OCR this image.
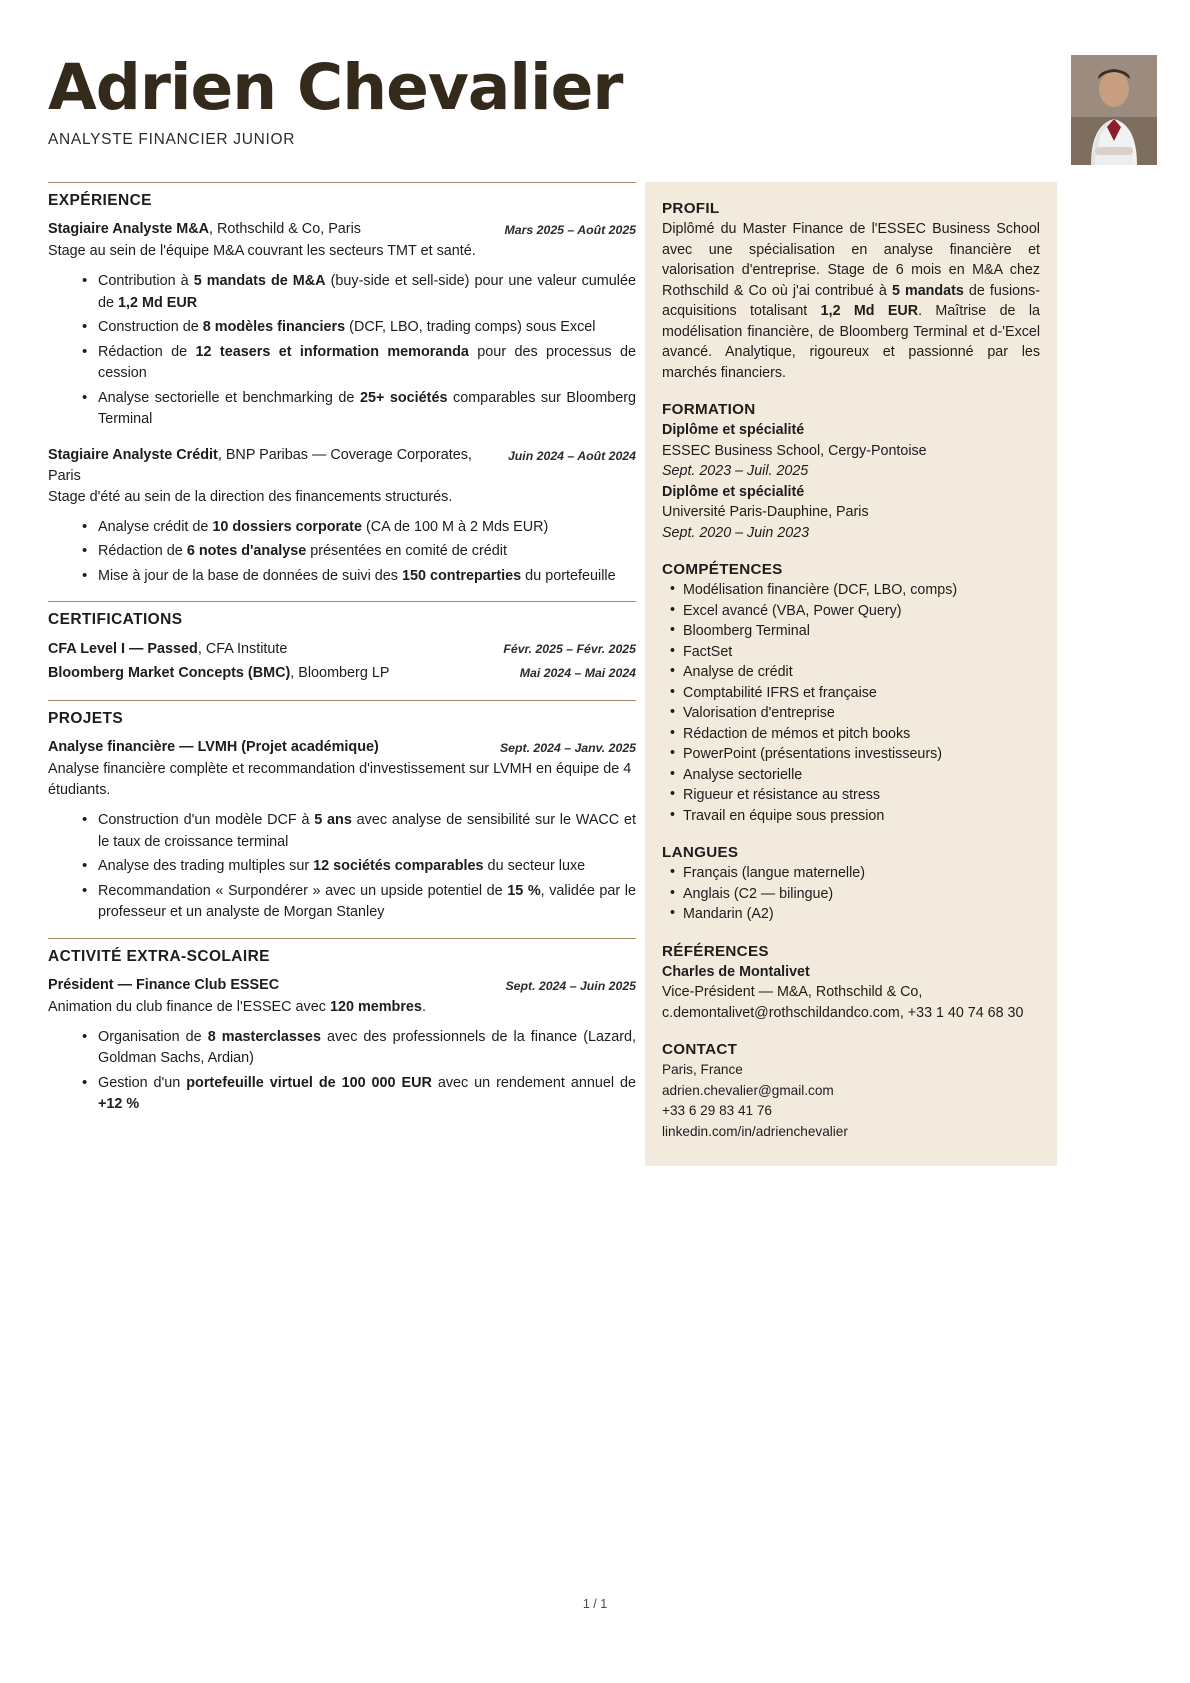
Adrien Chevalier
ANALYSTE FINANCIER JUNIOR
EXPÉRIENCE
Stagiaire Analyste M&A, Rothschild & Co, Paris	Mars 2025 – Août 2025
Stage au sein de l'équipe M&A couvrant les secteurs TMT et santé.
• Contribution à 5 mandats de M&A (buy-side et sell-side) pour une valeur cumulée de 1,2 Md EUR
• Construction de 8 modèles financiers (DCF, LBO, trading comps) sous Excel
• Rédaction de 12 teasers et information memoranda pour des processus de cession
• Analyse sectorielle et benchmarking de 25+ sociétés comparables sur Bloomberg Terminal
Stagiaire Analyste Crédit, BNP Paribas — Coverage Corporates, Paris
Juin 2024 – Août 2024
Stage d'été au sein de la direction des financements structurés.
• Analyse crédit de 10 dossiers corporate (CA de 100 M à 2 Mds EUR)
• Rédaction de 6 notes d'analyse présentées en comité de crédit
• Mise à jour de la base de données de suivi des 150 contreparties du portefeuille
CERTIFICATIONS
CFA Level I — Passed, CFA Institute	Févr. 2025 – Févr. 2025
Bloomberg Market Concepts (BMC), Bloomberg LP	Mai 2024 – Mai 2024
PROJETS
Analyse financière — LVMH (Projet académique)	Sept. 2024 – Janv. 2025
Analyse financière complète et recommandation d'investissement sur LVMH en équipe de 4 étudiants.
• Construction d'un modèle DCF à 5 ans avec analyse de sensibilité sur le WACC et le taux de croissance terminal
• Analyse des trading multiples sur 12 sociétés comparables du secteur luxe
• Recommandation « Surpondérer » avec un upside potentiel de 15 %, validée par le professeur et un analyste de Morgan Stanley
ACTIVITÉ EXTRA-SCOLAIRE
Président — Finance Club ESSEC	Sept. 2024 – Juin 2025
Animation du club finance de l'ESSEC avec 120 membres.
• Organisation de 8 masterclasses avec des professionnels de la finance (Lazard, Goldman Sachs, Ardian)
• Gestion d'un portefeuille virtuel de 100 000 EUR avec un rendement annuel de +12 %
PROFIL

Diplômé du Master Finance de l'ESSEC Business School avec une spécialisation en analyse financière et valorisation d'entreprise. Stage de 6 mois en M&A chez Rothschild & Co où j'ai contribué à 5 mandats de fusions-acquisitions totalisant 1,2 Md EUR. Maîtrise de la modélisation financière, de Bloomberg Terminal et d-'Excel avancé. Analytique, rigoureux et passionné par les marchés financiers.

FORMATION
Diplôme et spécialité
ESSEC Business School, Cergy-Pontoise
Sept. 2023 – Juil. 2025
Diplôme et spécialité
Université Paris-Dauphine, Paris
Sept. 2020 – Juin 2023
COMPÉTENCES
• Modélisation financière (DCF, LBO, comps)
• Excel avancé (VBA, Power Query)
• Bloomberg Terminal
• FactSet
• Analyse de crédit
• Comptabilité IFRS et française
• Valorisation d'entreprise
• Rédaction de mémos et pitch books
• PowerPoint (présentations investisseurs)
• Analyse sectorielle
• Rigueur et résistance au stress
• Travail en équipe sous pression
LANGUES
• Français (langue maternelle)
• Anglais (C2 — bilingue)
• Mandarin (A2)
RÉFÉRENCES
Charles de Montalivet
Vice-Président — M&A, Rothschild & Co, c.demontalivet@rothschildandco.com, +33 1 40 74 68 30
CONTACT
Paris, France
adrien.chevalier@gmail.com
+33 6 29 83 41 76
linkedin.com/in/adrienchevalier
1 / 1
